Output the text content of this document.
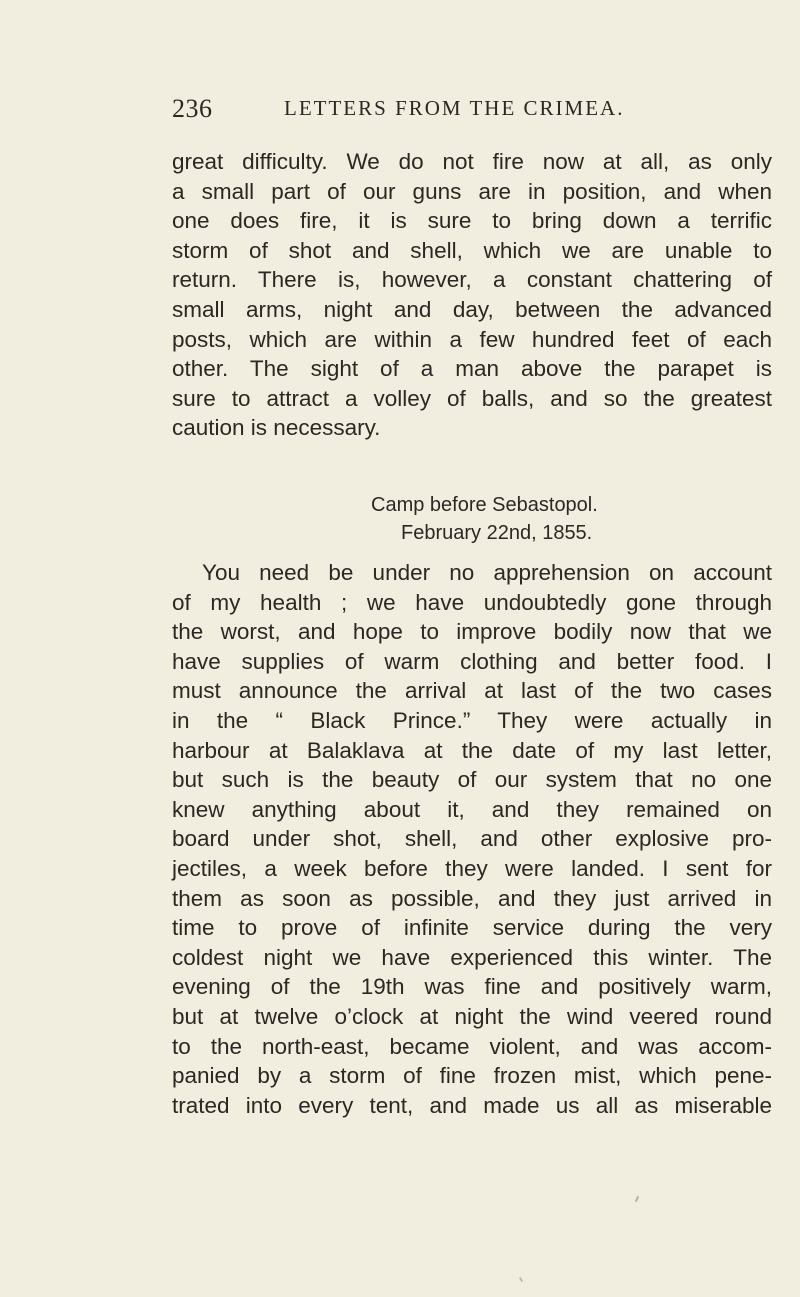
236	LETTERS FROM THE CRIMEA.
great difficulty. We do not fire now at all, as only
a small part of our guns are in position, and when
one does fire, it is sure to bring down a terrific
storm of shot and shell, which we are unable to
return. There is, however, a constant chattering of
small arms, night and day, between the advanced
posts, which are within a few hundred feet of each
other. The sight of a man above the parapet is
sure to attract a volley of balls, and so the greatest
caution is necessary.
Camp before Sebastopol.
February 22nd, 1855.
You need be under no apprehension on account
of my health ; we have undoubtedly gone through
the worst, and hope to improve bodily now that we
have supplies of warm clothing and better food. I
must announce the arrival at last of the two cases
in the “ Black Prince.” They were actually in
harbour at Balaklava at the date of my last letter,
but such is the beauty of our system that no one
knew anything about it, and they remained on
board under shot, shell, and other explosive pro-
jectiles, a week before they were landed. I sent for
them as soon as possible, and they just arrived in
time to prove of infinite service during the very
coldest night we have experienced this winter. The
evening of the 19th was fine and positively warm,
but at twelve o’clock at night the wind veered round
to the north-east, became violent, and was accom-
panied by a storm of fine frozen mist, which pene-
trated into every tent, and made us all as miserable
